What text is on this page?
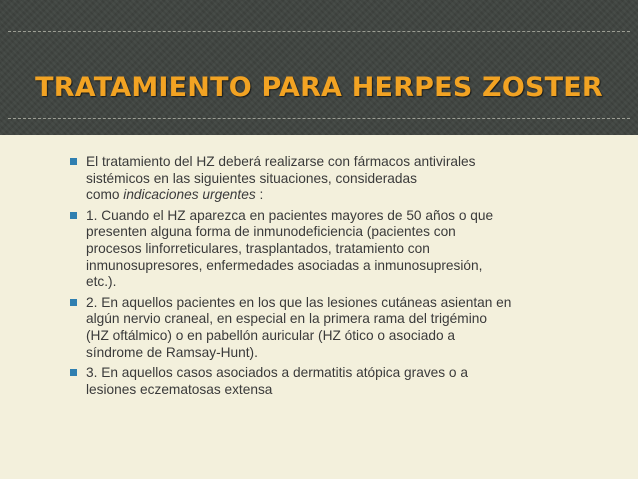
TRATAMIENTO PARA HERPES ZOSTER
El tratamiento del HZ deberá realizarse con fármacos antivirales
sistémicos en las siguientes situaciones, consideradas
como indicaciones urgentes :
1. Cuando el HZ aparezca en pacientes mayores de 50 años o que
presenten alguna forma de inmunodeficiencia (pacientes con
procesos linforreticulares, trasplantados, tratamiento con
inmunosupresores, enfermedades asociadas a inmunosupresión,
etc.).
2. En aquellos pacientes en los que las lesiones cutáneas asientan en
algún nervio craneal, en especial en la primera rama del trigémino
(HZ oftálmico) o en pabellón auricular (HZ ótico o asociado a
síndrome de Ramsay-Hunt).
3. En aquellos casos asociados a dermatitis atópica graves o a
lesiones eczematosas extensa
